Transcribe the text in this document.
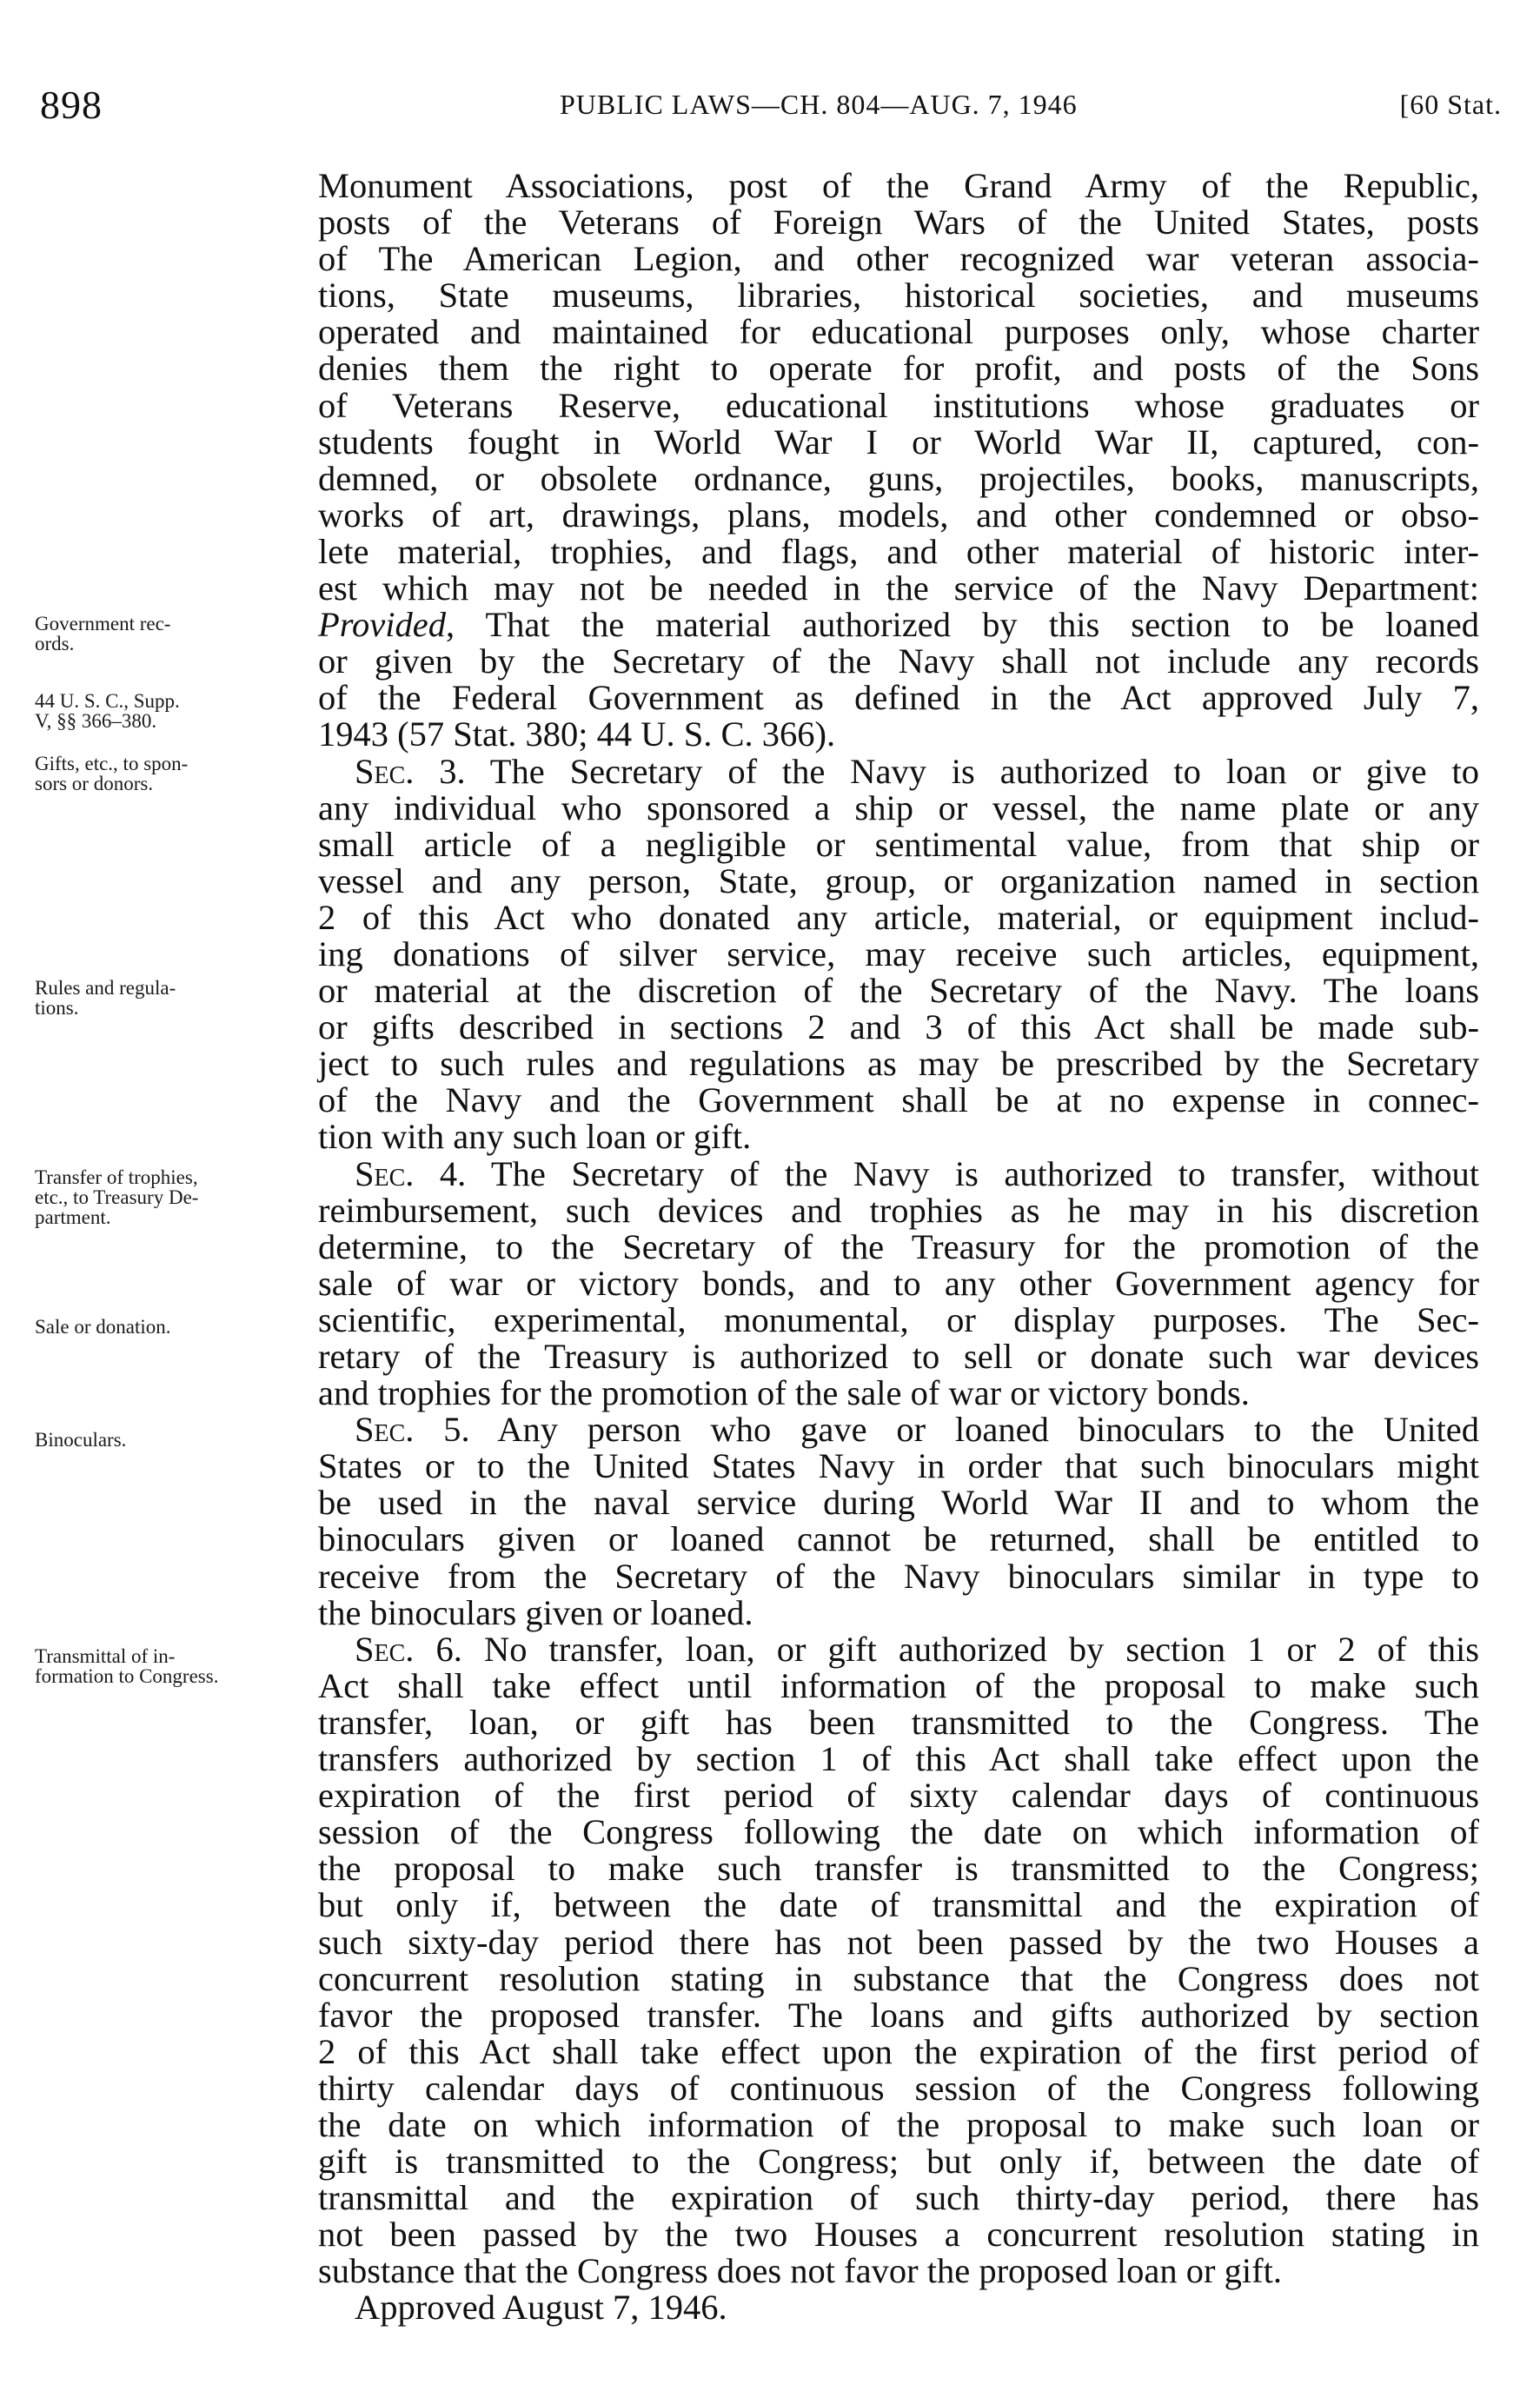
898	PUBLIC LAWS—CH. 804—AUG. 7, 1946	[60 Stat.
Government rec-
ords.
44 U. S. C., Supp.
V, §§ 366–380.
Gifts, etc., to spon-
sors or donors.
Rules and regula-
tions.
Transfer of trophies,
etc., to Treasury De-
partment.
Sale or donation.
Binoculars.
Transmittal of in-
formation to Congress.

Monument Associations, post of the Grand Army of the Republic,
posts of the Veterans of Foreign Wars of the United States, posts
of The American Legion, and other recognized war veteran associa-
tions, State museums, libraries, historical societies, and museums
operated and maintained for educational purposes only, whose charter
denies them the right to operate for profit, and posts of the Sons
of Veterans Reserve, educational institutions whose graduates or
students fought in World War I or World War II, captured, con-
demned, or obsolete ordnance, guns, projectiles, books, manuscripts,
works of art, drawings, plans, models, and other condemned or obso-
lete material, trophies, and flags, and other material of historic inter-
est which may not be needed in the service of the Navy Department:
Provided, That the material authorized by this section to be loaned
or given by the Secretary of the Navy shall not include any records
of the Federal Government as defined in the Act approved July 7,
1943 (57 Stat. 380; 44 U. S. C. 366).

Sec. 3. The Secretary of the Navy is authorized to loan or give to
any individual who sponsored a ship or vessel, the name plate or any
small article of a negligible or sentimental value, from that ship or
vessel and any person, State, group, or organization named in section
2 of this Act who donated any article, material, or equipment includ-
ing donations of silver service, may receive such articles, equipment,
or material at the discretion of the Secretary of the Navy. The loans
or gifts described in sections 2 and 3 of this Act shall be made sub-
ject to such rules and regulations as may be prescribed by the Secretary
of the Navy and the Government shall be at no expense in connec-
tion with any such loan or gift.

Sec. 4. The Secretary of the Navy is authorized to transfer, without
reimbursement, such devices and trophies as he may in his discretion
determine, to the Secretary of the Treasury for the promotion of the
sale of war or victory bonds, and to any other Government agency for
scientific, experimental, monumental, or display purposes. The Sec-
retary of the Treasury is authorized to sell or donate such war devices
and trophies for the promotion of the sale of war or victory bonds.

Sec. 5. Any person who gave or loaned binoculars to the United
States or to the United States Navy in order that such binoculars might
be used in the naval service during World War II and to whom the
binoculars given or loaned cannot be returned, shall be entitled to
receive from the Secretary of the Navy binoculars similar in type to
the binoculars given or loaned.

Sec. 6. No transfer, loan, or gift authorized by section 1 or 2 of this
Act shall take effect until information of the proposal to make such
transfer, loan, or gift has been transmitted to the Congress. The
transfers authorized by section 1 of this Act shall take effect upon the
expiration of the first period of sixty calendar days of continuous
session of the Congress following the date on which information of
the proposal to make such transfer is transmitted to the Congress;
but only if, between the date of transmittal and the expiration of
such sixty-day period there has not been passed by the two Houses a
concurrent resolution stating in substance that the Congress does not
favor the proposed transfer. The loans and gifts authorized by section
2 of this Act shall take effect upon the expiration of the first period of
thirty calendar days of continuous session of the Congress following
the date on which information of the proposal to make such loan or
gift is transmitted to the Congress; but only if, between the date of
transmittal and the expiration of such thirty-day period, there has
not been passed by the two Houses a concurrent resolution stating in
substance that the Congress does not favor the proposed loan or gift.

Approved August 7, 1946.
